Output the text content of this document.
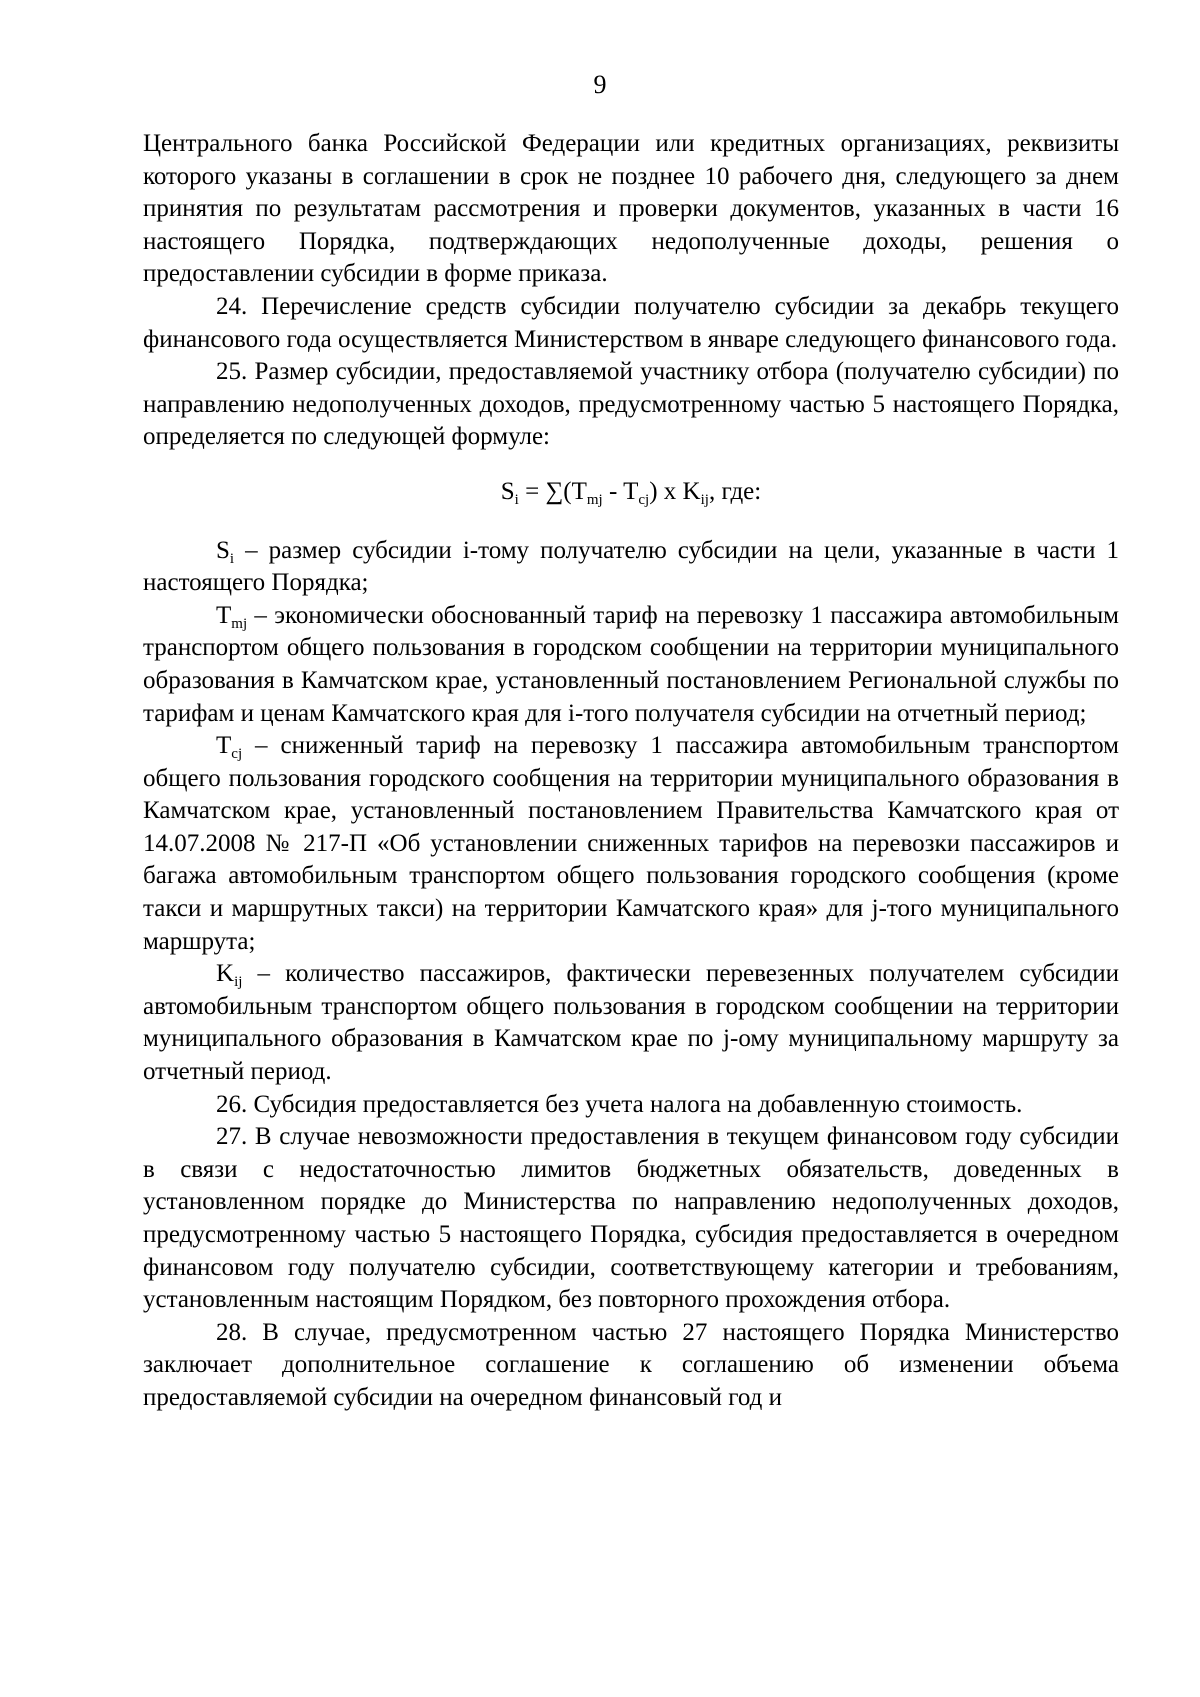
9

Центрального банка Российской Федерации или кредитных организациях, реквизиты которого указаны в соглашении в срок не позднее 10 рабочего дня, следующего за днем принятия по результатам рассмотрения и проверки документов, указанных в части 16 настоящего Порядка, подтверждающих недополученные доходы, решения о предоставлении субсидии в форме приказа.

24. Перечисление средств субсидии получателю субсидии за декабрь текущего финансового года осуществляется Министерством в январе следующего финансового года.

25. Размер субсидии, предоставляемой участнику отбора (получателю субсидии) по направлению недополученных доходов, предусмотренному частью 5 настоящего Порядка, определяется по следующей формуле:

$S_i = \sum(T_{mj} - T_{cj})$ x $K_{ij}$, где:

$S_i$ – размер субсидии i-тому получателю субсидии на цели, указанные в части 1 настоящего Порядка;

$T_{mj}$ – экономически обоснованный тариф на перевозку 1 пассажира автомобильным транспортом общего пользования в городском сообщении на территории муниципального образования в Камчатском крае, установленный постановлением Региональной службы по тарифам и ценам Камчатского края для i-того получателя субсидии на отчетный период;

$T_{cj}$ – сниженный тариф на перевозку 1 пассажира автомобильным транспортом общего пользования городского сообщения на территории муниципального образования в Камчатском крае, установленный постановлением Правительства Камчатского края от 14.07.2008 № 217-П «Об установлении сниженных тарифов на перевозки пассажиров и багажа автомобильным транспортом общего пользования городского сообщения (кроме такси и маршрутных такси) на территории Камчатского края» для j-того муниципального маршрута;

$K_{ij}$ – количество пассажиров, фактически перевезенных получателем субсидии автомобильным транспортом общего пользования в городском сообщении на территории муниципального образования в Камчатском крае по j-ому муниципальному маршруту за отчетный период.

26. Субсидия предоставляется без учета налога на добавленную стоимость.

27. В случае невозможности предоставления в текущем финансовом году субсидии в связи с недостаточностью лимитов бюджетных обязательств, доведенных в установленном порядке до Министерства по направлению недополученных доходов, предусмотренному частью 5 настоящего Порядка, субсидия предоставляется в очередном финансовом году получателю субсидии, соответствующему категории и требованиям, установленным настоящим Порядком, без повторного прохождения отбора.

28. В случае, предусмотренном частью 27 настоящего Порядка Министерство заключает дополнительное соглашение к соглашению об изменении объема предоставляемой субсидии на очередном финансовый год и
